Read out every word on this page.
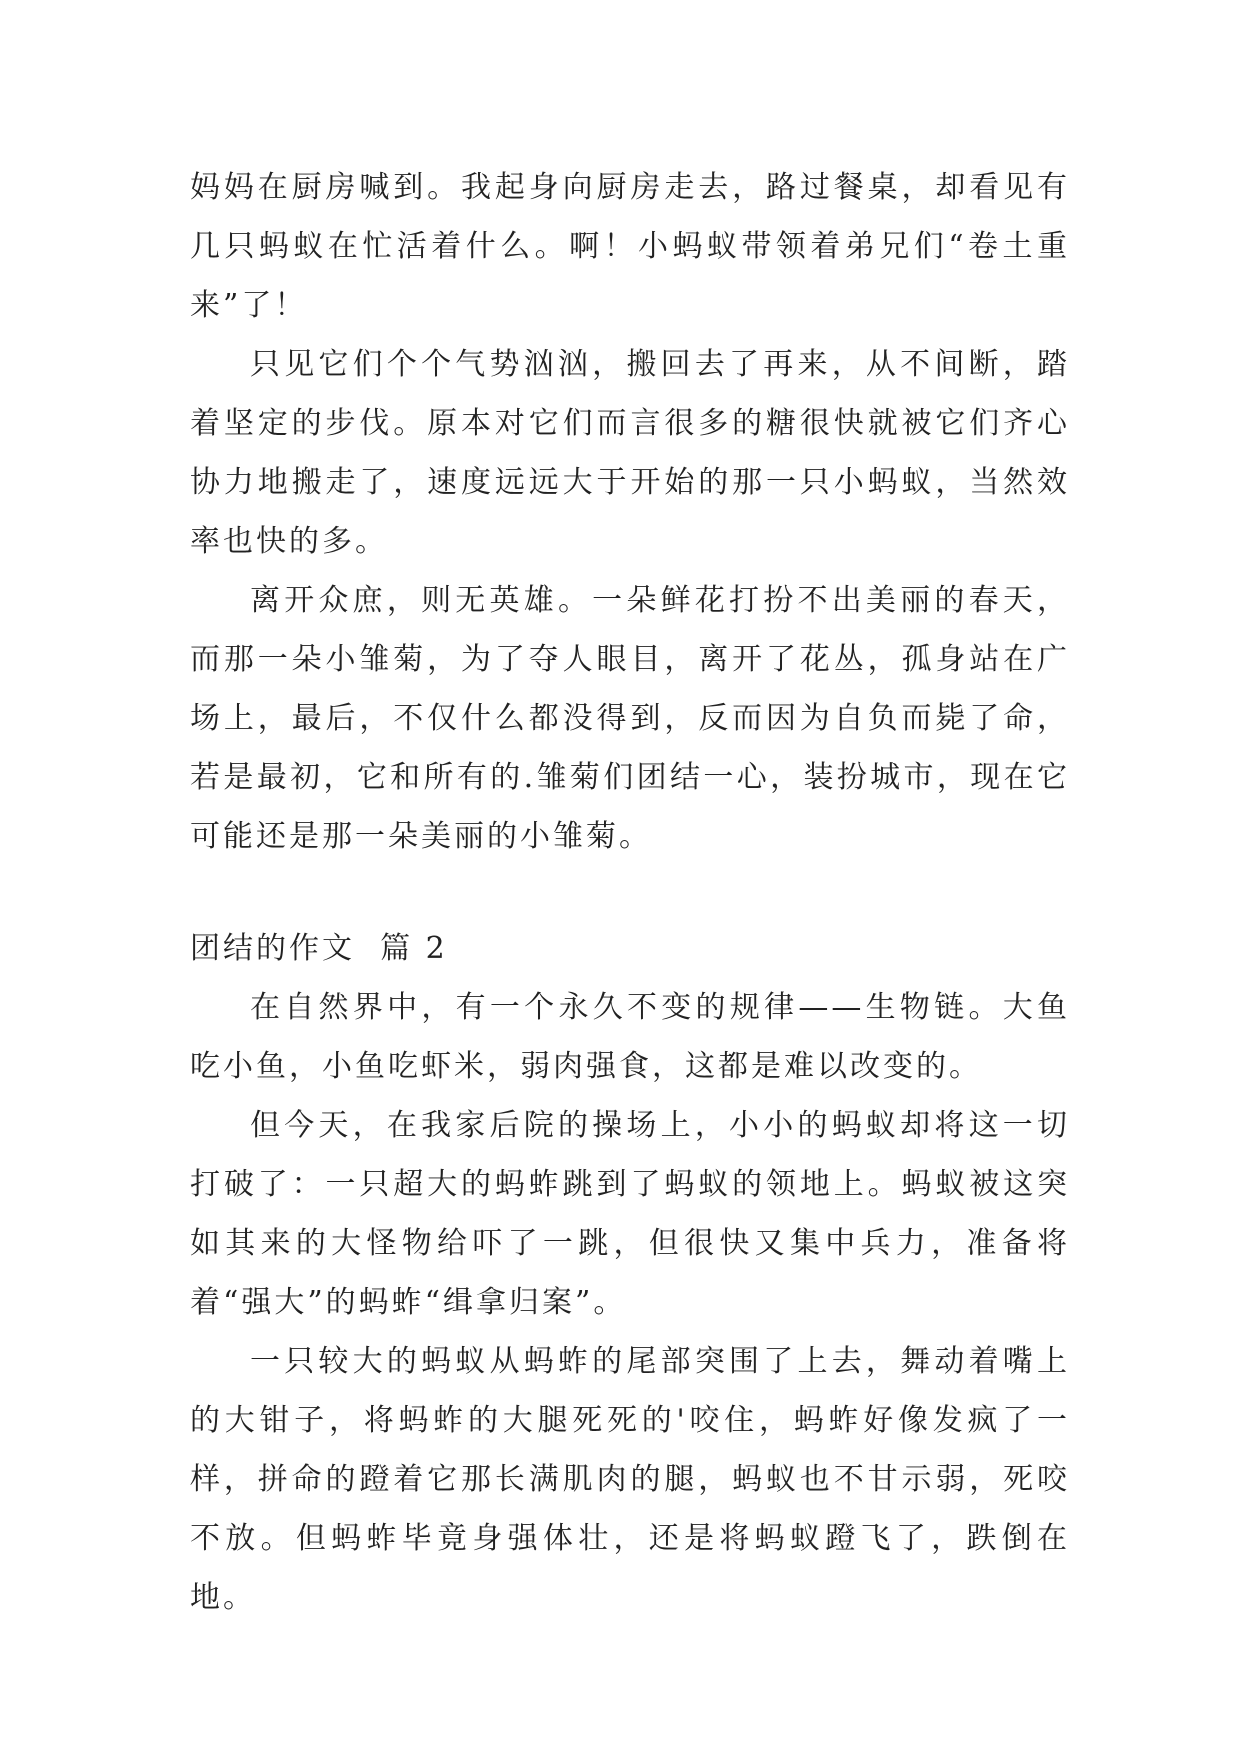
妈妈在厨房喊到。我起身向厨房走去，路过餐桌，却看见有几只蚂蚁在忙活着什么。啊！小蚂蚁带领着弟兄们“卷土重来”了！

只见它们个个气势汹汹，搬回去了再来，从不间断，踏着坚定的步伐。原本对它们而言很多的糖很快就被它们齐心协力地搬走了，速度远远大于开始的那一只小蚂蚁，当然效率也快的多。

离开众庶，则无英雄。一朵鲜花打扮不出美丽的春天，而那一朵小雏菊，为了夺人眼目，离开了花丛，孤身站在广场上，最后，不仅什么都没得到，反而因为自负而毙了命，若是最初，它和所有的.雏菊们团结一心，装扮城市，现在它可能还是那一朵美丽的小雏菊。

团结的作文  篇 2

在自然界中，有一个永久不变的规律——生物链。大鱼吃小鱼，小鱼吃虾米，弱肉强食，这都是难以改变的。

但今天，在我家后院的操场上，小小的蚂蚁却将这一切打破了：一只超大的蚂蚱跳到了蚂蚁的领地上。蚂蚁被这突如其来的大怪物给吓了一跳，但很快又集中兵力，准备将着“强大”的蚂蚱“缉拿归案”。

一只较大的蚂蚁从蚂蚱的尾部突围了上去，舞动着嘴上的大钳子，将蚂蚱的大腿死死的'咬住，蚂蚱好像发疯了一样，拼命的蹬着它那长满肌肉的腿，蚂蚁也不甘示弱，死咬不放。但蚂蚱毕竟身强体壮，还是将蚂蚁蹬飞了，跌倒在地。
